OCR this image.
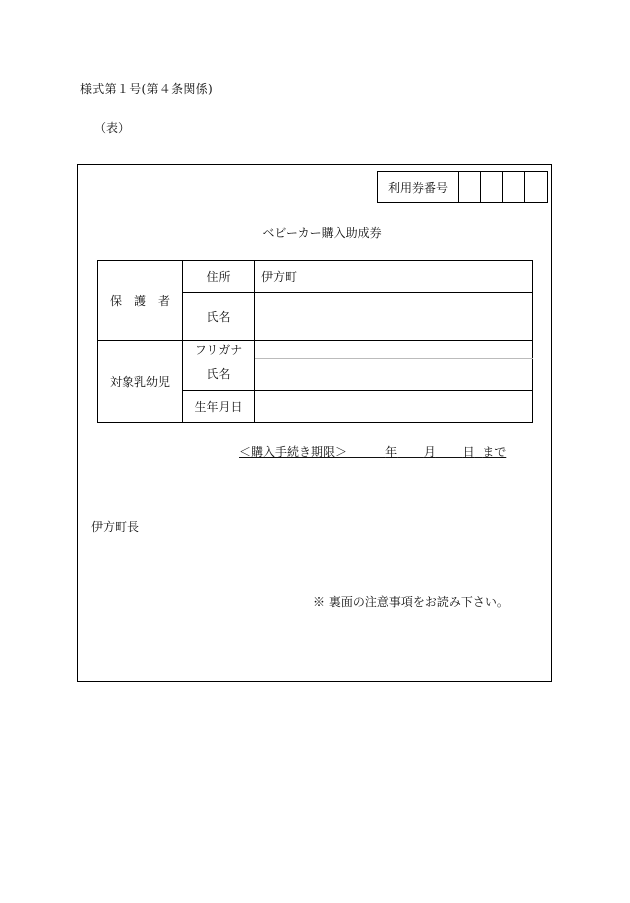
様式第１号(第４条関係)
（表）
利用券番号
ベビーカー購入助成券
保　護　者	住所	伊方町
	氏名	
対象乳幼児	フリガナ	
	氏名	
	生年月日	
＜購入手続き期限＞	年 月 日 まで
伊方町長
※ 裏面の注意事項をお読み下さい。
